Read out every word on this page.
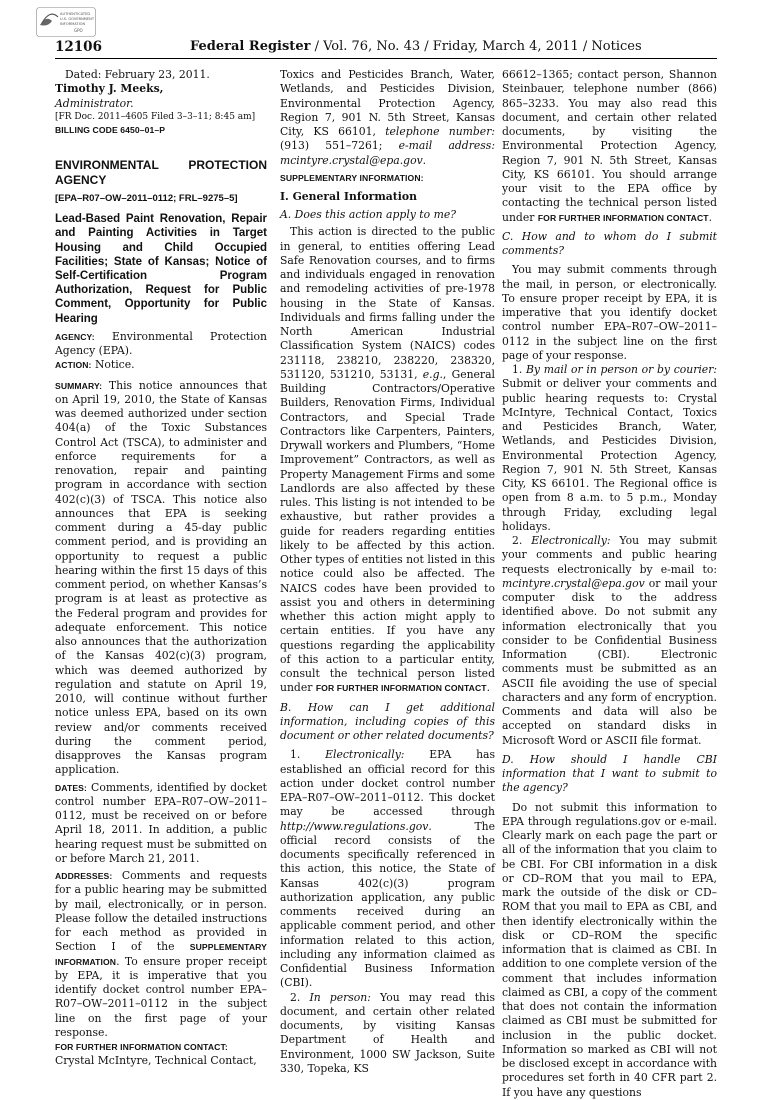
AUTHENTICATED
U.S. GOVERNMENT
INFORMATION
GPO
12106	Federal Register / Vol. 76, No. 43 / Friday, March 4, 2011 / Notices

Dated: February 23, 2011.

Timothy J. Meeks,

Administrator.

[FR Doc. 2011–4605 Filed 3–3–11; 8:45 am]

BILLING CODE 6450–01–P

ENVIRONMENTAL PROTECTION AGENCY

[EPA–R07–OW–2011–0112; FRL–9275–5]

Lead-Based Paint Renovation, Repair and Painting Activities in Target Housing and Child Occupied Facilities; State of Kansas; Notice of Self-Certification Program Authorization, Request for Public Comment, Opportunity for Public Hearing

AGENCY: Environmental Protection Agency (EPA).

ACTION: Notice.

SUMMARY: This notice announces that on April 19, 2010, the State of Kansas was deemed authorized under section 404(a) of the Toxic Substances Control Act (TSCA), to administer and enforce requirements for a renovation, repair and painting program in accordance with section 402(c)(3) of TSCA. This notice also announces that EPA is seeking comment during a 45-day public comment period, and is providing an opportunity to request a public hearing within the first 15 days of this comment period, on whether Kansas’s program is at least as protective as the Federal program and provides for adequate enforcement. This notice also announces that the authorization of the Kansas 402(c)(3) program, which was deemed authorized by regulation and statute on April 19, 2010, will continue without further notice unless EPA, based on its own review and/or comments received during the comment period, disapproves the Kansas program application.

DATES: Comments, identified by docket control number EPA–R07–OW–2011–0112, must be received on or before April 18, 2011. In addition, a public hearing request must be submitted on or before March 21, 2011.

ADDRESSES: Comments and requests for a public hearing may be submitted by mail, electronically, or in person. Please follow the detailed instructions for each method as provided in Section I of the SUPPLEMENTARY INFORMATION. To ensure proper receipt by EPA, it is imperative that you identify docket control number EPA–R07–OW–2011–0112 in the subject line on the first page of your response.

FOR FURTHER INFORMATION CONTACT:

Crystal McIntyre, Technical Contact,

Toxics and Pesticides Branch, Water, Wetlands, and Pesticides Division, Environmental Protection Agency, Region 7, 901 N. 5th Street, Kansas City, KS 66101, telephone number: (913) 551–7261; e-mail address: mcintyre.crystal@epa.gov.

SUPPLEMENTARY INFORMATION:

I. General Information

A. Does this action apply to me?

This action is directed to the public in general, to entities offering Lead Safe Renovation courses, and to firms and individuals engaged in renovation and remodeling activities of pre-1978 housing in the State of Kansas. Individuals and firms falling under the North American Industrial Classification System (NAICS) codes 231118, 238210, 238220, 238320, 531120, 531210, 53131, e.g., General Building Contractors/Operative Builders, Renovation Firms, Individual Contractors, and Special Trade Contractors like Carpenters, Painters, Drywall workers and Plumbers, “Home Improvement” Contractors, as well as Property Management Firms and some Landlords are also affected by these rules. This listing is not intended to be exhaustive, but rather provides a guide for readers regarding entities likely to be affected by this action. Other types of entities not listed in this notice could also be affected. The NAICS codes have been provided to assist you and others in determining whether this action might apply to certain entities. If you have any questions regarding the applicability of this action to a particular entity, consult the technical person listed under FOR FURTHER INFORMATION CONTACT.

B. How can I get additional information, including copies of this document or other related documents?

1. Electronically: EPA has established an official record for this action under docket control number EPA–R07–OW–2011–0112. This docket may be accessed through http://www.regulations.gov. The official record consists of the documents specifically referenced in this action, this notice, the State of Kansas 402(c)(3) program authorization application, any public comments received during an applicable comment period, and other information related to this action, including any information claimed as Confidential Business Information (CBI).

2. In person: You may read this document, and certain other related documents, by visiting Kansas Department of Health and Environment, 1000 SW Jackson, Suite 330, Topeka, KS

66612–1365; contact person, Shannon Steinbauer, telephone number (866) 865–3233. You may also read this document, and certain other related documents, by visiting the Environmental Protection Agency, Region 7, 901 N. 5th Street, Kansas City, KS 66101. You should arrange your visit to the EPA office by contacting the technical person listed under FOR FURTHER INFORMATION CONTACT.

C. How and to whom do I submit comments?

You may submit comments through the mail, in person, or electronically. To ensure proper receipt by EPA, it is imperative that you identify docket control number EPA–R07–OW–2011–0112 in the subject line on the first page of your response.

1. By mail or in person or by courier: Submit or deliver your comments and public hearing requests to: Crystal McIntyre, Technical Contact, Toxics and Pesticides Branch, Water, Wetlands, and Pesticides Division, Environmental Protection Agency, Region 7, 901 N. 5th Street, Kansas City, KS 66101. The Regional office is open from 8 a.m. to 5 p.m., Monday through Friday, excluding legal holidays.

2. Electronically: You may submit your comments and public hearing requests electronically by e-mail to: mcintyre.crystal@epa.gov or mail your computer disk to the address identified above. Do not submit any information electronically that you consider to be Confidential Business Information (CBI). Electronic comments must be submitted as an ASCII file avoiding the use of special characters and any form of encryption. Comments and data will also be accepted on standard disks in Microsoft Word or ASCII file format.

D. How should I handle CBI information that I want to submit to the agency?

Do not submit this information to EPA through regulations.gov or e-mail. Clearly mark on each page the part or all of the information that you claim to be CBI. For CBI information in a disk or CD–ROM that you mail to EPA, mark the outside of the disk or CD–ROM that you mail to EPA as CBI, and then identify electronically within the disk or CD–ROM the specific information that is claimed as CBI. In addition to one complete version of the comment that includes information claimed as CBI, a copy of the comment that does not contain the information claimed as CBI must be submitted for inclusion in the public docket. Information so marked as CBI will not be disclosed except in accordance with procedures set forth in 40 CFR part 2. If you have any questions
